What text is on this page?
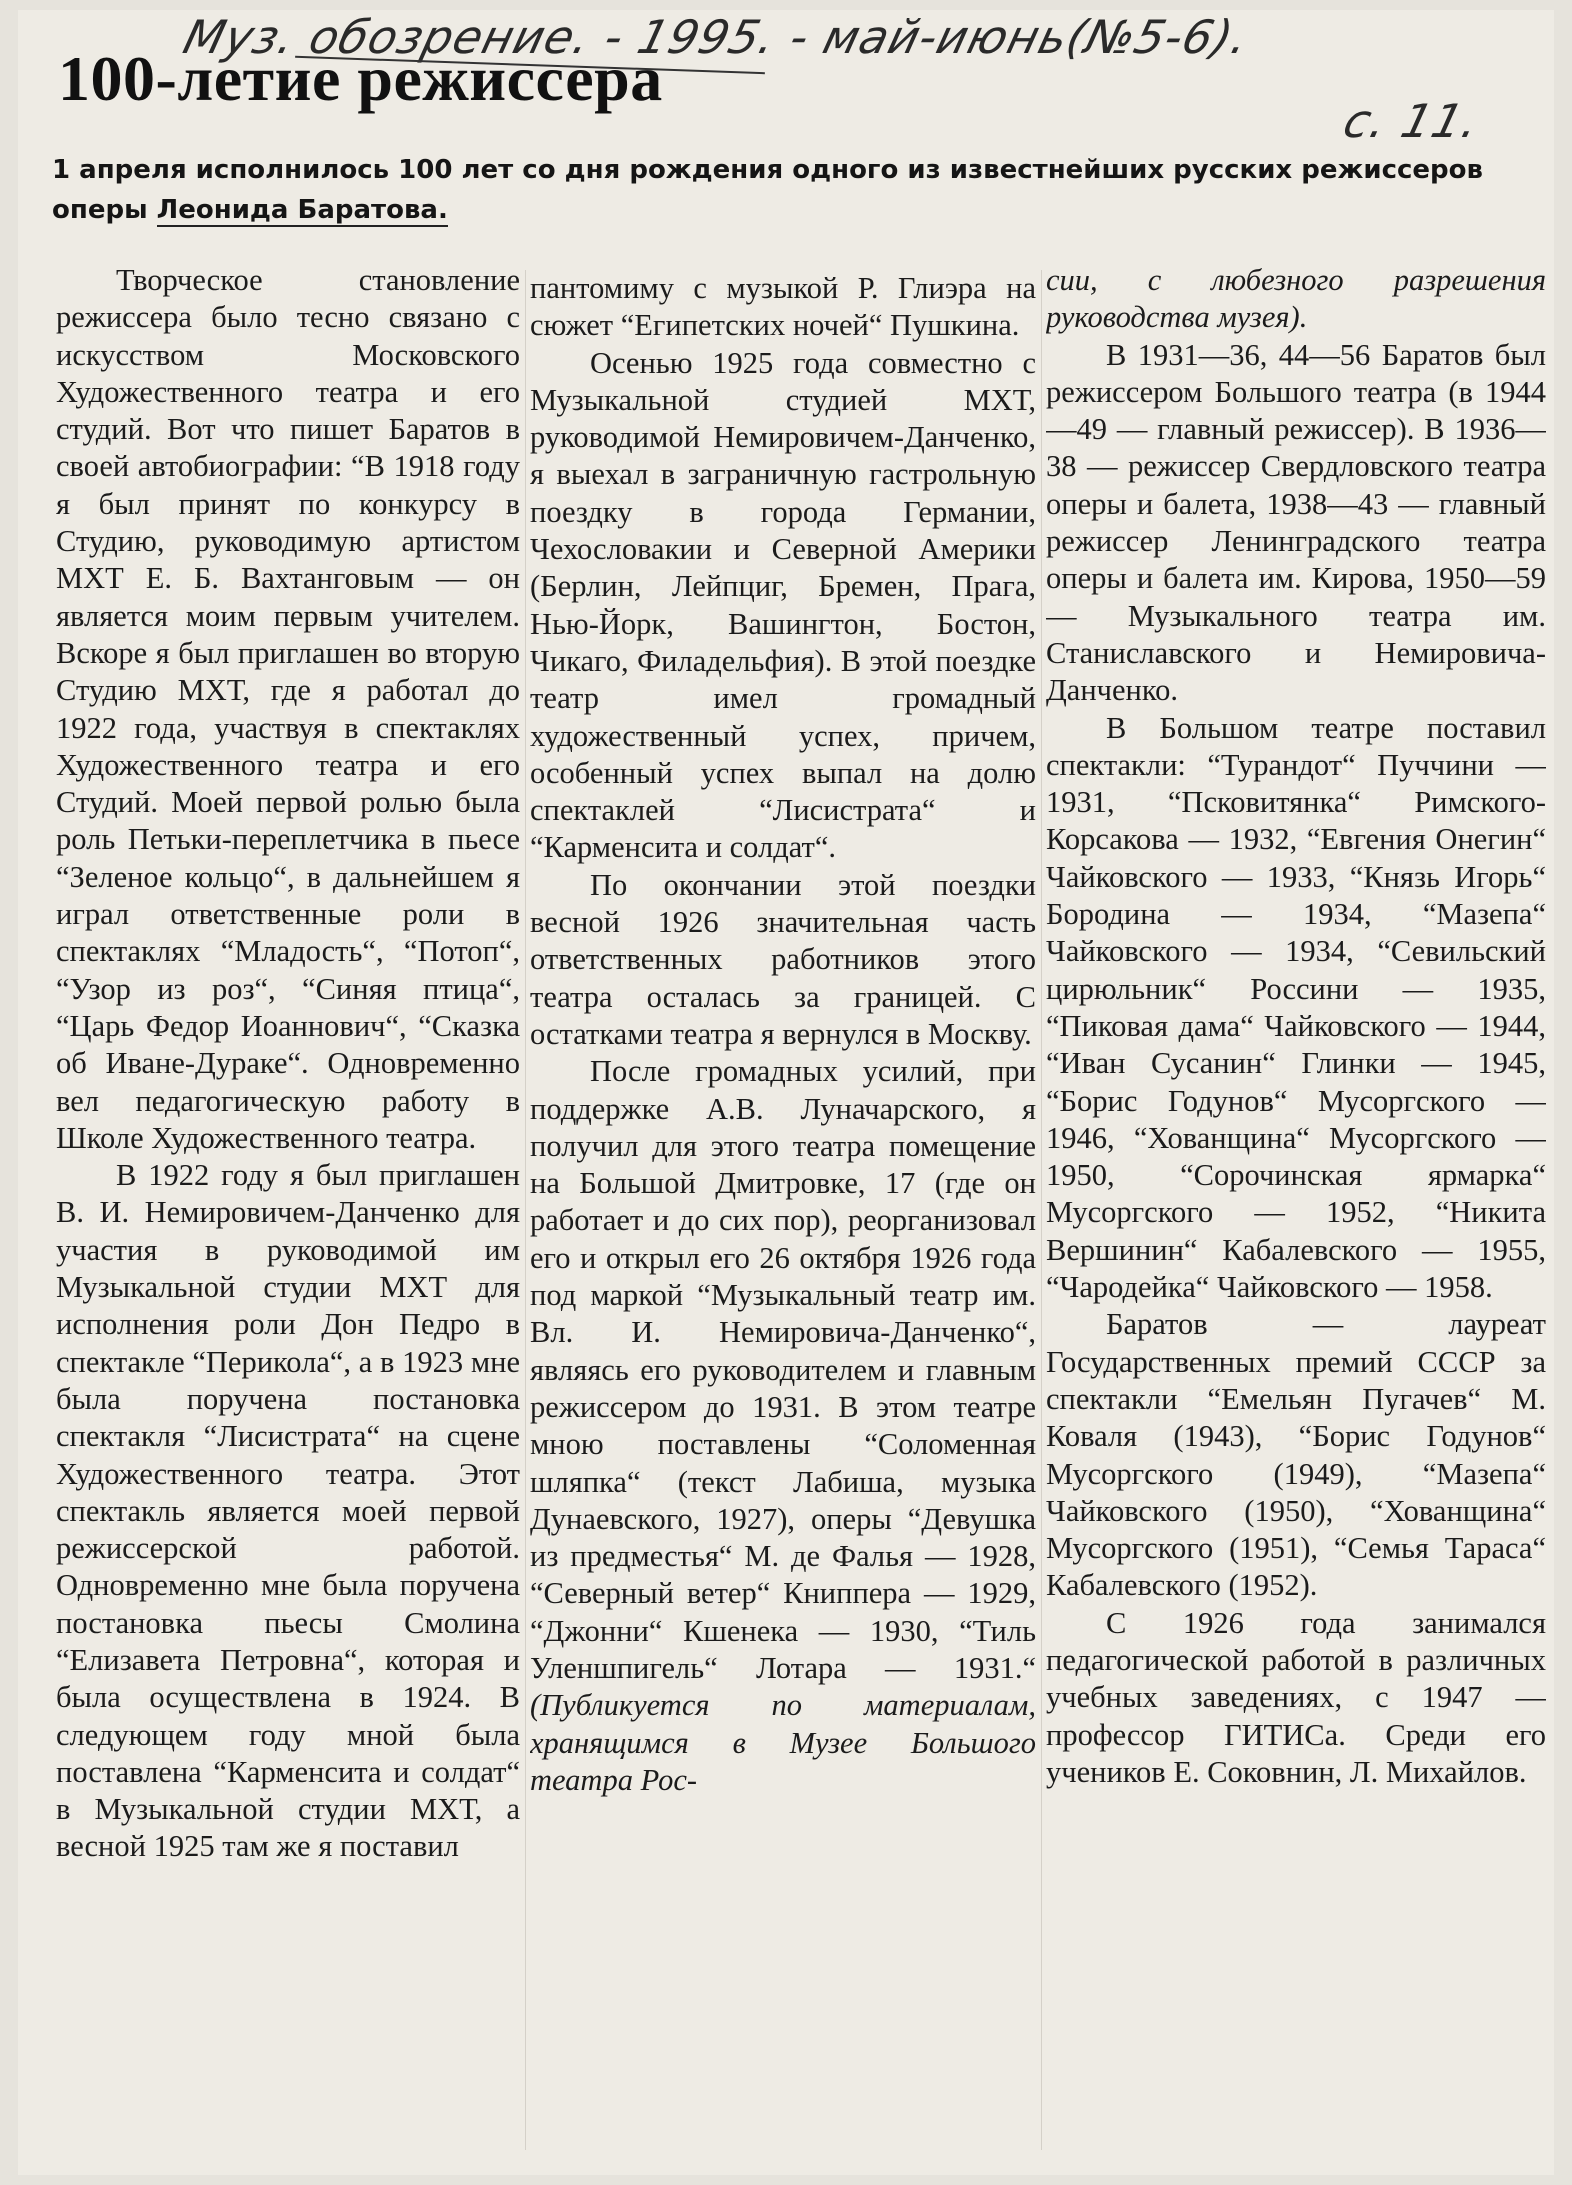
Муз. обозрение. - 1995. - май-июнь(№5-6).
с. 11.
100-летие режиссера
1 апреля исполнилось 100 лет со дня рождения одного из известнейших русских режиссеров оперы Леонида Баратова.

Творческое становление режиссера было тесно связано с искусством Московского Художественного театра и его студий. Вот что пишет Баратов в своей автобиографии: “В 1918 году я был принят по конкурсу в Студию, руководимую артистом МХТ Е. Б. Вахтанговым — он является моим первым учителем. Вскоре я был приглашен во вторую Студию МХТ, где я работал до 1922 года, участвуя в спектаклях Художественного театра и его Студий. Моей первой ролью была роль Петьки-переплетчика в пьесе “Зеленое кольцо“, в дальнейшем я играл ответственные роли в спектаклях “Младость“, “Потоп“, “Узор из роз“, “Синяя птица“, “Царь Федор Иоаннович“, “Сказка об Иване-Дураке“. Одновременно вел педагогическую работу в Школе Художественного театра.

В 1922 году я был приглашен В. И. Немировичем-Данченко для участия в руководимой им Музыкальной студии МХТ для исполнения роли Дон Педро в спектакле “Перикола“, а в 1923 мне была поручена постановка спектакля “Лисистрата“ на сцене Художественного театра. Этот спектакль является моей первой режиссерской работой. Одновременно мне была поручена постановка пьесы Смолина “Елизавета Петровна“, которая и была осуществлена в 1924. В следующем году мной была поставлена “Карменсита и солдат“ в Музыкальной студии МХТ, а весной 1925 там же я поставил

пантомиму с музыкой Р. Глиэра на сюжет “Египетских ночей“ Пушкина.

Осенью 1925 года совместно с Музыкальной студией МХТ, руководимой Немировичем-Данченко, я выехал в заграничную гастрольную поездку в города Германии, Чехословакии и Северной Америки (Берлин, Лейпциг, Бремен, Прага, Нью-Йорк, Вашингтон, Бостон, Чикаго, Филадельфия). В этой поездке театр имел громадный художественный успех, причем, особенный успех выпал на долю спектаклей “Лисистрата“ и “Карменсита и солдат“.

По окончании этой поездки весной 1926 значительная часть ответственных работников этого театра осталась за границей. С остатками театра я вернулся в Москву.

После громадных усилий, при поддержке А.В. Луначарского, я получил для этого театра помещение на Большой Дмитровке, 17 (где он работает и до сих пор), реорганизовал его и открыл его 26 октября 1926 года под маркой “Музыкальный театр им. Вл. И. Немировича-Данченко“, являясь его руководителем и главным режиссером до 1931. В этом театре мною поставлены “Соломенная шляпка“ (текст Лабиша, музыка Дунаевского, 1927), оперы “Девушка из предместья“ М. де Фалья — 1928, “Северный ветер“ Книппера — 1929, “Джонни“ Кшенека — 1930, “Тиль Уленшпигель“ Лотара — 1931.“ (Публикуется по материалам, хранящимся в Музее Большого театра Рос-

сии, с любезного разрешения руководства музея).

В 1931—36, 44—56 Баратов был режиссером Большого театра (в 1944—49 — главный режиссер). В 1936—38 — режиссер Свердловского театра оперы и балета, 1938—43 — главный режиссер Ленинградского театра оперы и балета им. Кирова, 1950—59 — Музыкального театра им. Станиславского и Немировича-Данченко.

В Большом театре поставил спектакли: “Турандот“ Пуччини — 1931, “Псковитянка“ Римского-Корсакова — 1932, “Евгения Онегин“ Чайковского — 1933, “Князь Игорь“ Бородина — 1934, “Мазепа“ Чайковского — 1934, “Севильский цирюльник“ Россини — 1935, “Пиковая дама“ Чайковского — 1944, “Иван Сусанин“ Глинки — 1945, “Борис Годунов“ Мусоргского — 1946, “Хованщина“ Мусоргского — 1950, “Сорочинская ярмарка“ Мусоргского — 1952, “Никита Вершинин“ Кабалевского — 1955, “Чародейка“ Чайковского — 1958.

Баратов — лауреат Государственных премий СССР за спектакли “Емельян Пугачев“ М. Коваля (1943), “Борис Годунов“ Мусоргского (1949), “Мазепа“ Чайковского (1950), “Хованщина“ Мусоргского (1951), “Семья Тараса“ Кабалевского (1952).

С 1926 года занимался педагогической работой в различных учебных заведениях, с 1947 — профессор ГИТИСа. Среди его учеников Е. Соковнин, Л. Михайлов.
